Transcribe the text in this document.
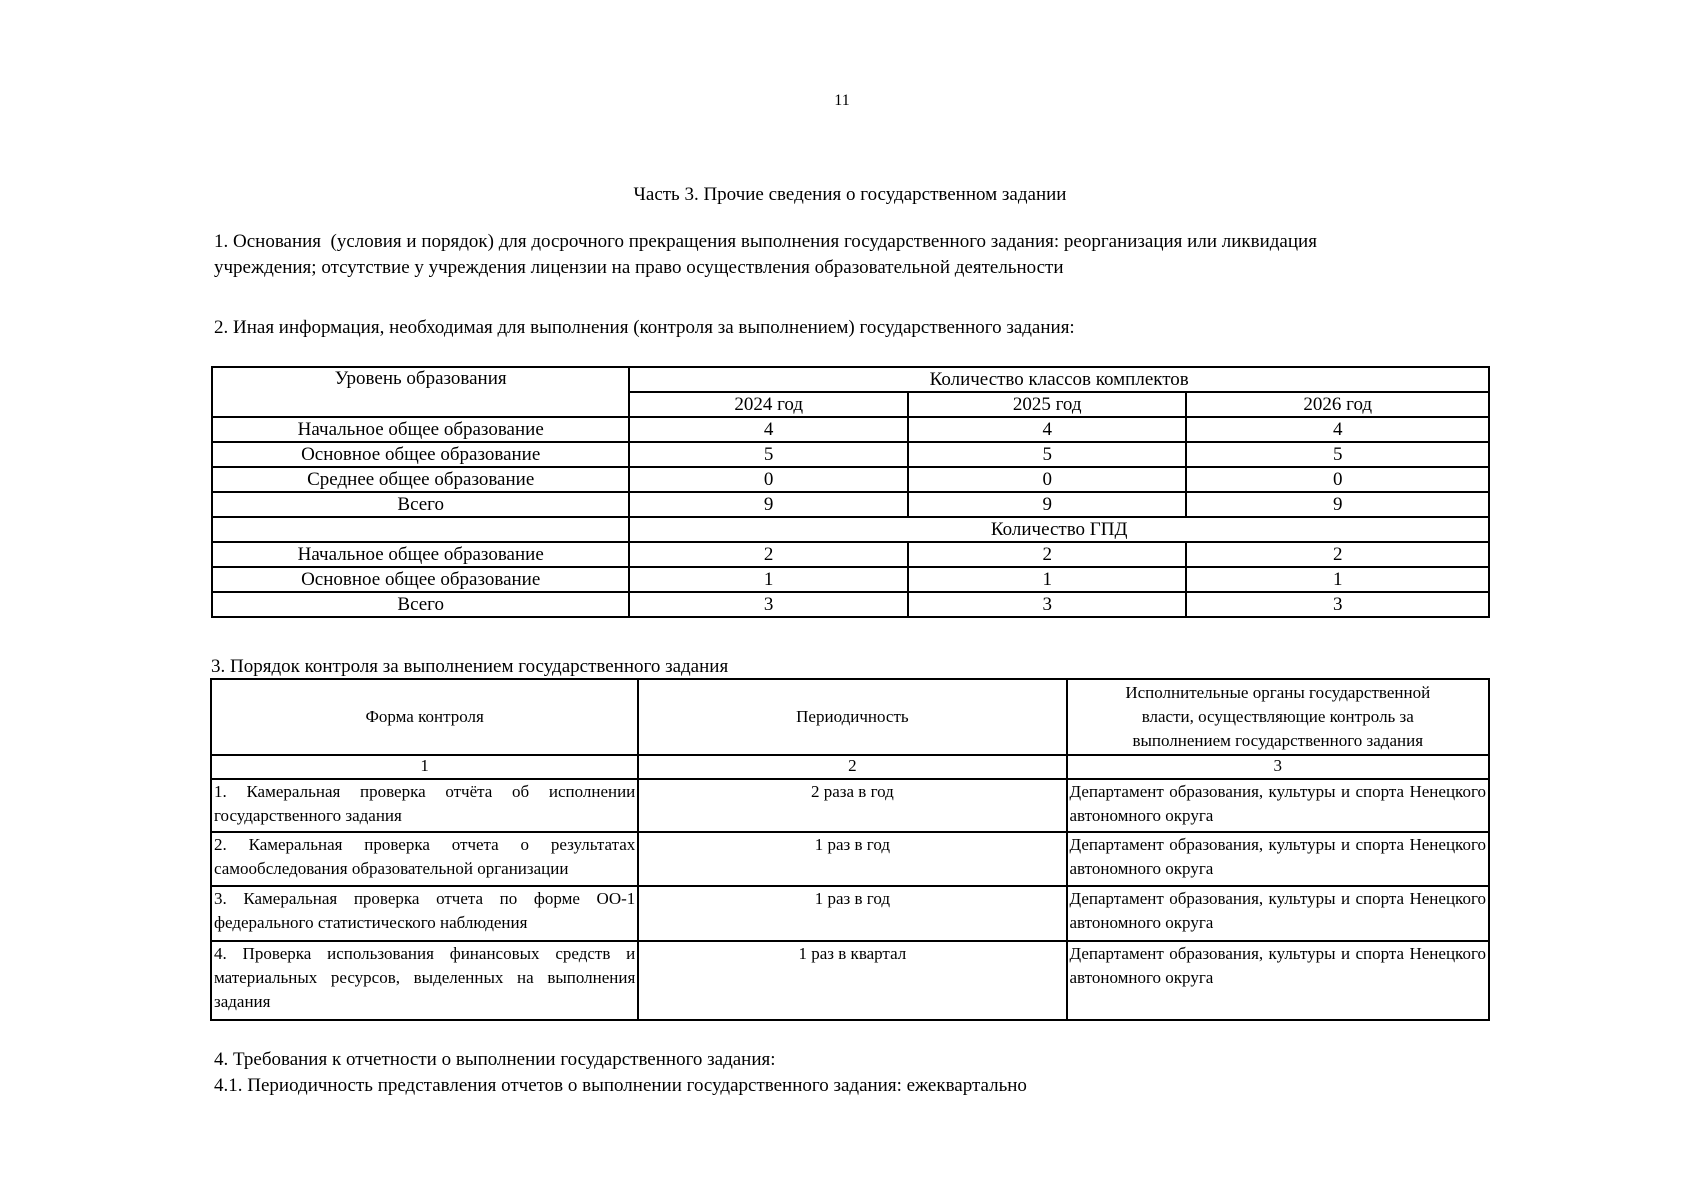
11
Часть 3. Прочие сведения о государственном задании
1. Основания  (условия и порядок) для досрочного прекращения выполнения государственного задания: реорганизация или ликвидация
учреждения; отсутствие у учреждения лицензии на право осуществления образовательной деятельности
2. Иная информация, необходимая для выполнения (контроля за выполнением) государственного задания:
Уровень образования	Количество классов комплектов		
	2024 год	2025 год	2026 год
Начальное общее образование	4	4	4
Основное общее образование	5	5	5
Среднее общее образование	0	0	0
Всего	9	9	9
	Количество ГПД		
Начальное общее образование	2	2	2
Основное общее образование	1	1	1
Всего	3	3	3
3. Порядок контроля за выполнением государственного задания
Форма контроля	Периодичность	Исполнительные органы государственной власти, осуществляющие контроль за выполнением государственного задания
1	2	3
1. Камеральная проверка отчёта об исполнении государственного задания	2 раза в год	Департамент образования, культуры и спорта Ненецкого автономного округа
2. Камеральная проверка отчета о результатах самообследования образовательной организации	1 раз в год	Департамент образования, культуры и спорта Ненецкого автономного округа
3. Камеральная проверка отчета по форме ОО-1 федерального статистического наблюдения	1 раз в год	Департамент образования, культуры и спорта Ненецкого автономного округа
4. Проверка использования финансовых средств и материальных ресурсов, выделенных на выполнения задания	1 раз в квартал	Департамент образования, культуры и спорта Ненецкого автономного округа
4. Требования к отчетности о выполнении государственного задания:
4.1. Периодичность представления отчетов о выполнении государственного задания: ежеквартально
